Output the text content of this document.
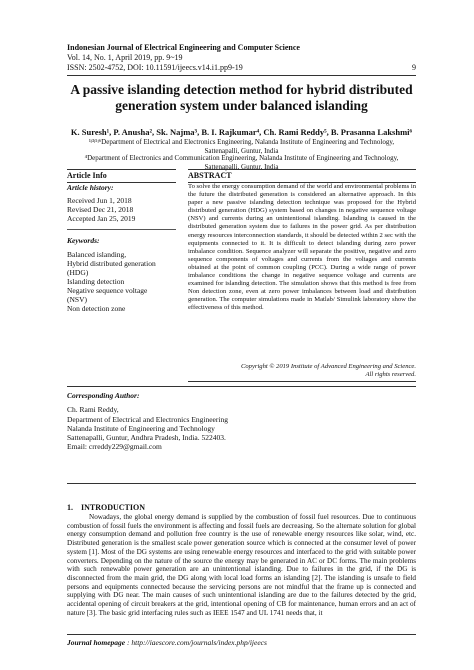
Indonesian Journal of Electrical Engineering and Computer Science
Vol. 14, No. 1, April 2019, pp. 9~19
ISSN: 2502-4752, DOI: 10.11591/ijeecs.v14.i1.pp9-19	9
A passive islanding detection method for hybrid distributed generation system under balanced islanding
K. Suresh¹, P. Anusha², Sk. Najma³, B. I. Rajkumar⁴, Ch. Rami Reddy⁵, B. Prasanna Lakshmi⁶
¹ʲ³ʲ⁵ʲ⁶Department of Electrical and Electronics Engineering, Nalanda Institute of Engineering and Technology,
Sattenapalli, Guntur, India
⁴Department of Electronics and Communication Engineering, Nalanda Institute of Engineering and Technology,
Sattenapalli, Guntur, India
Article Info	ABSTRACT
Article history:
Received Jun 1, 2018
Revised Dec 21, 2018
Accepted Jan 25, 2019
Keywords:
Balanced islanding,
Hybrid distributed generation
(HDG)
Islanding detection
Negative sequence voltage
(NSV)
Non detection zone
To solve the energy consumption demand of the world and environmental problems in the future the distributed generation is considered an alternative approach. In this paper a new passive islanding detection technique was proposed for the Hybrid distributed generation (HDG) system based on changes in negative sequence voltage (NSV) and currents during an unintentional islanding. Islanding is caused in the distributed generation system due to failures in the power grid. As per distribution energy resources interconnection standards, it should be detected within 2 sec with the equipments connected to it. It is difficult to detect islanding during zero power imbalance condition. Sequence analyzer will separate the positive, negative and zero sequence components of voltages and currents from the voltages and currents obtained at the point of common coupling (PCC). During a wide range of power imbalance conditions the change in negative sequence voltage and currents are examined for islanding detection. The simulation shows that this method is free from Non detection zone, even at zero power imbalances between load and distribution generation. The computer simulations made in Matlab/ Simulink laboratory show the effectiveness of this method.
Copyright © 2019 Institute of Advanced Engineering and Science.
All rights reserved.
Corresponding Author:
Ch. Rami Reddy,
Department of Electrical and Electronics Engineering
Nalanda Institute of Engineering and Technology
Sattenapalli, Guntur, Andhra Pradesh, India. 522403.
Email: crreddy229@gmail.com
1. INTRODUCTION
Nowadays, the global energy demand is supplied by the combustion of fossil fuel resources. Due to continuous combustion of fossil fuels the environment is affecting and fossil fuels are decreasing. So the alternate solution for global energy consumption demand and pollution free country is the use of renewable energy resources like solar, wind, etc. Distributed generation is the smallest scale power generation source which is connected at the consumer level of power system [1]. Most of the DG systems are using renewable energy resources and interfaced to the grid with suitable power converters. Depending on the nature of the source the energy may be generated in AC or DC forms. The main problems with such renewable power generation are an unintentional islanding. Due to failures in the grid, if the DG is disconnected from the main grid, the DG along with local load forms an islanding [2]. The islanding is unsafe to field persons and equipments connected because the servicing persons are not mindful that the frame up is connected and supplying with DG near. The main causes of such unintentional islanding are due to the failures detected by the grid, accidental opening of circuit breakers at the grid, intentional opening of CB for maintenance, human errors and an act of nature [3]. The basic grid interfacing rules such as IEEE 1547 and UL 1741 needs that, it
Journal homepage : http://iaescore.com/journals/index.php/ijeecs
